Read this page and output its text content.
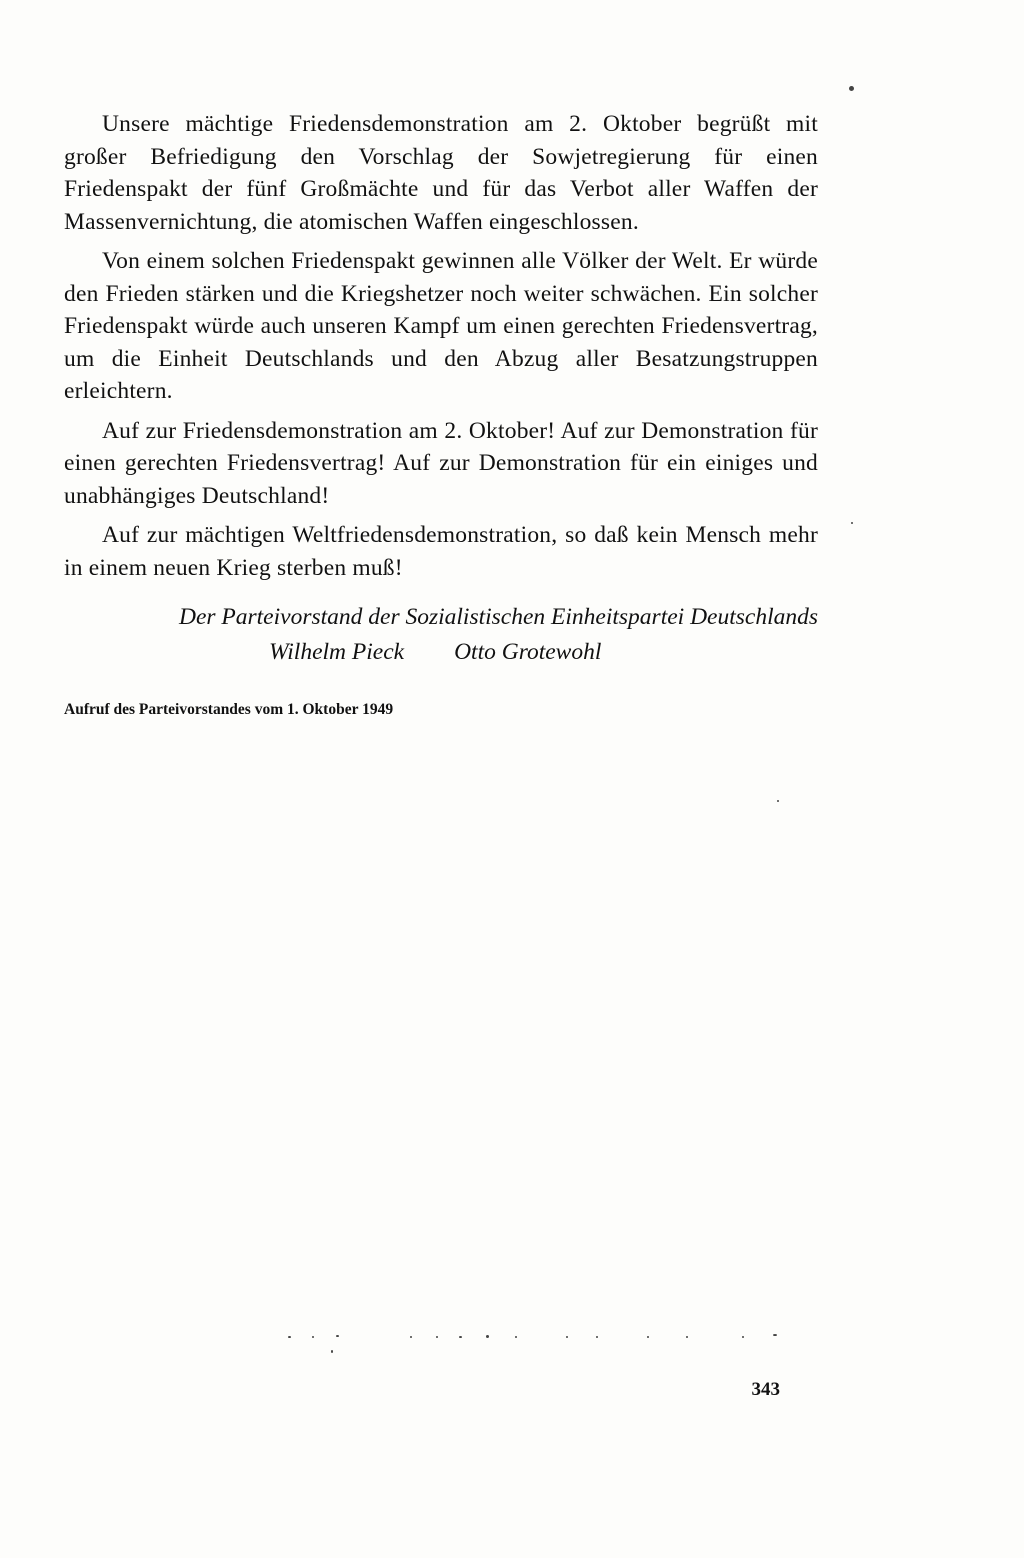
Unsere mächtige Friedensdemonstration am 2. Oktober begrüßt mit großer Befriedigung den Vorschlag der Sowjetregierung für einen Friedenspakt der fünf Großmächte und für das Verbot aller Waffen der Massenvernichtung, die atomischen Waffen eingeschlossen.

Von einem solchen Friedenspakt gewinnen alle Völker der Welt. Er würde den Frieden stärken und die Kriegshetzer noch weiter schwächen. Ein solcher Friedenspakt würde auch unseren Kampf um einen gerechten Friedensvertrag, um die Einheit Deutschlands und den Abzug aller Besatzungstruppen erleichtern.

Auf zur Friedensdemonstration am 2. Oktober! Auf zur Demonstration für einen gerechten Friedensvertrag! Auf zur Demonstration für ein einiges und unabhängiges Deutschland!

Auf zur mächtigen Weltfriedensdemonstration, so daß kein Mensch mehr in einem neuen Krieg sterben muß!

Der Parteivorstand der Sozialistischen Einheitspartei Deutschlands

Wilhelm Pieck Otto Grotewohl

Aufruf des Parteivorstandes vom 1. Oktober 1949
343
